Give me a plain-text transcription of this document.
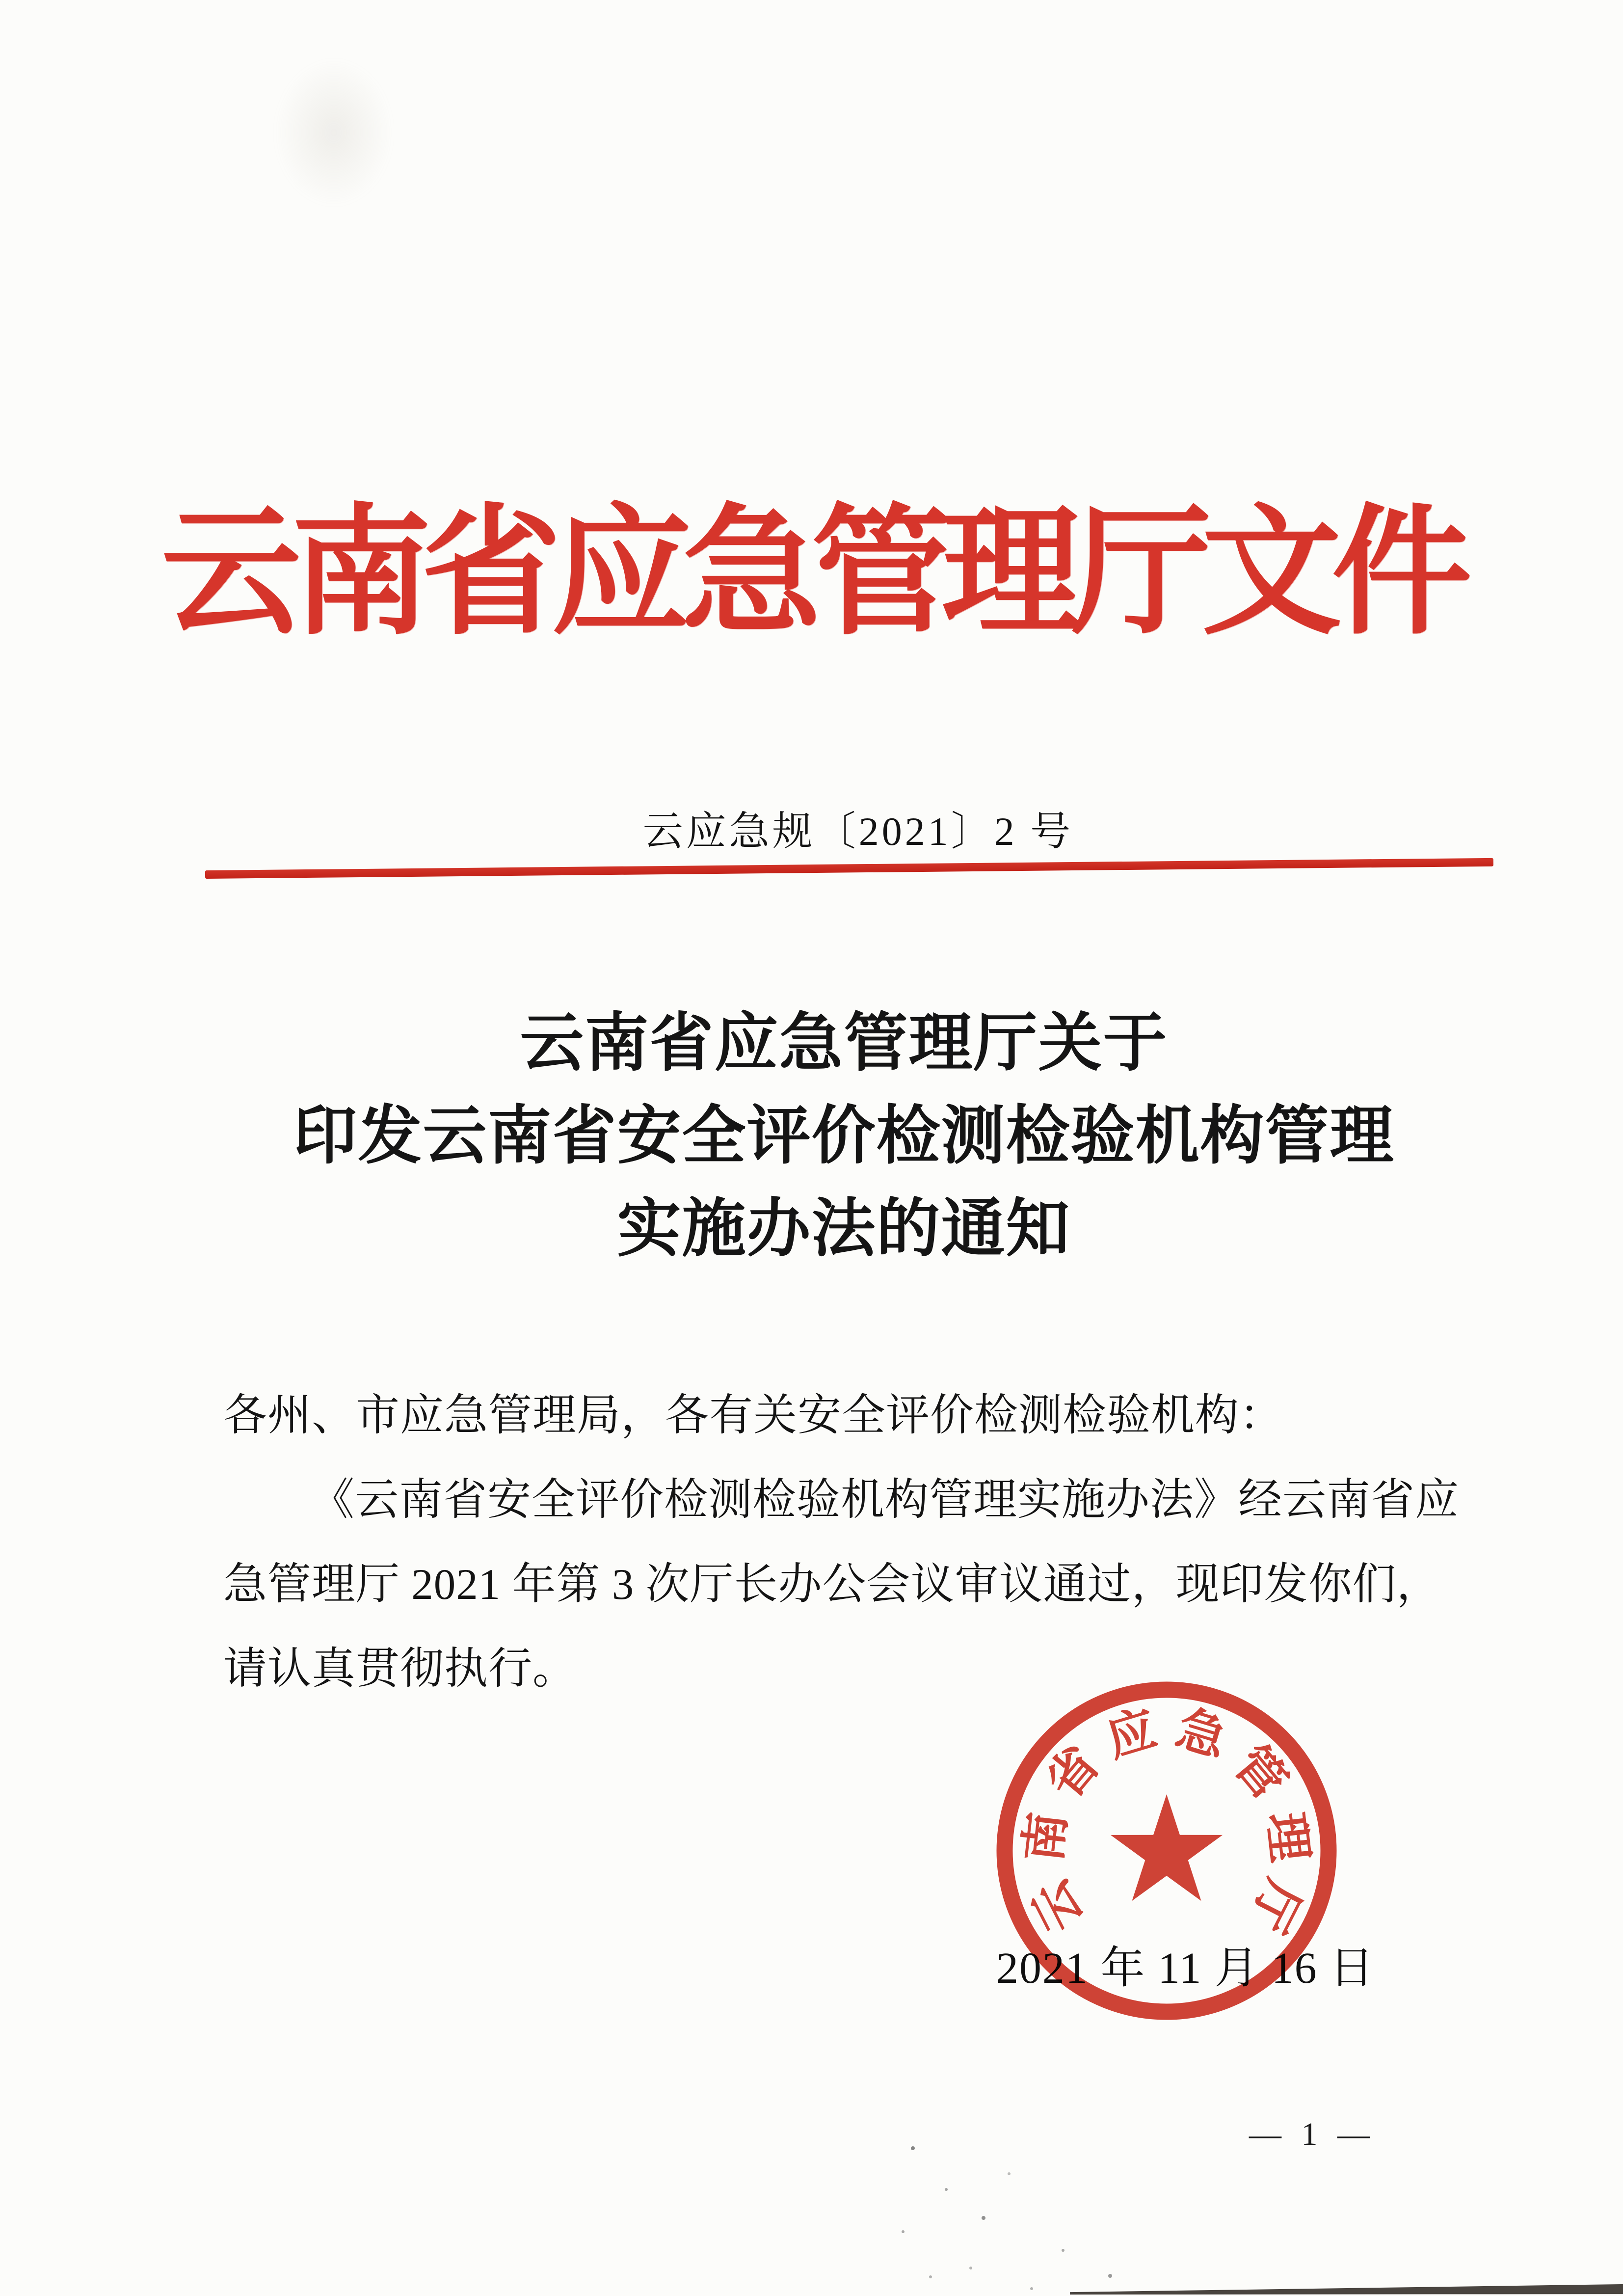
云南省应急管理厅文件
云应急规〔2021〕2 号
云南省应急管理厅关于
印发云南省安全评价检测检验机构管理
实施办法的通知
各州、市应急管理局，各有关安全评价检测检验机构：
《云南省安全评价检测检验机构管理实施办法》经云南省应
急管理厅 2021 年第 3 次厅长办公会议审议通过，现印发你们，
请认真贯彻执行。
2021 年 11 月 16 日
云
南
省
应 急
管
理
厅
— 1 —
